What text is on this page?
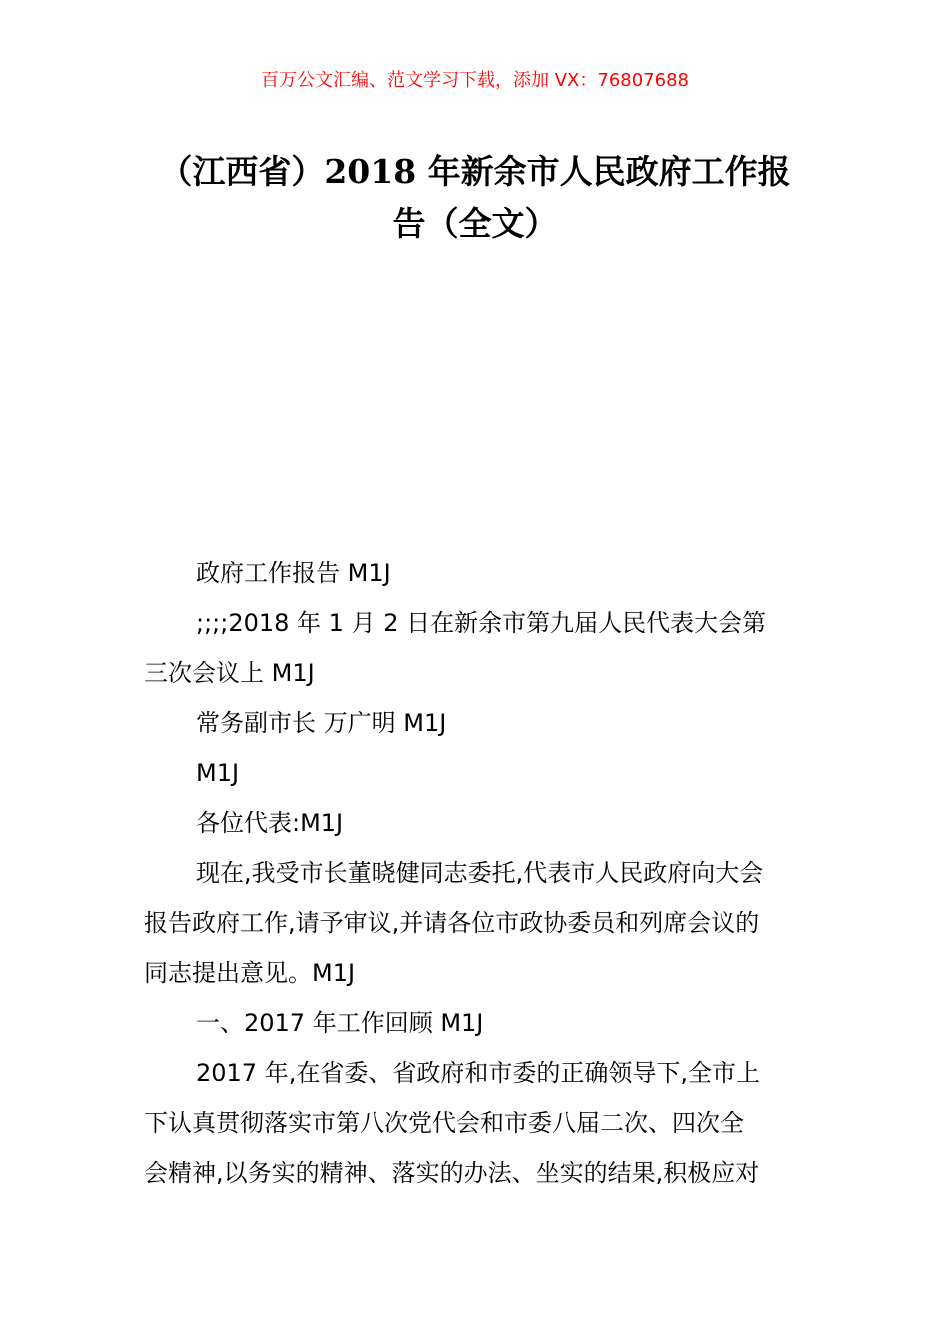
百万公文汇编、范文学习下载，添加 VX：76807688
（江西省）2018 年新余市人民政府工作报
告（全文）

政府工作报告 M1J

;;;;2018 年 1 月 2 日在新余市第九届人民代表大会第
三次会议上 M1J

常务副市长 万广明 M1J

M1J

各位代表:M1J

现在,我受市长董晓健同志委托,代表市人民政府向大会
报告政府工作,请予审议,并请各位市政协委员和列席会议的
同志提出意见。M1J

一、2017 年工作回顾 M1J

2017 年,在省委、省政府和市委的正确领导下,全市上
下认真贯彻落实市第八次党代会和市委八届二次、四次全
会精神,以务实的精神、落实的办法、坐实的结果,积极应对
